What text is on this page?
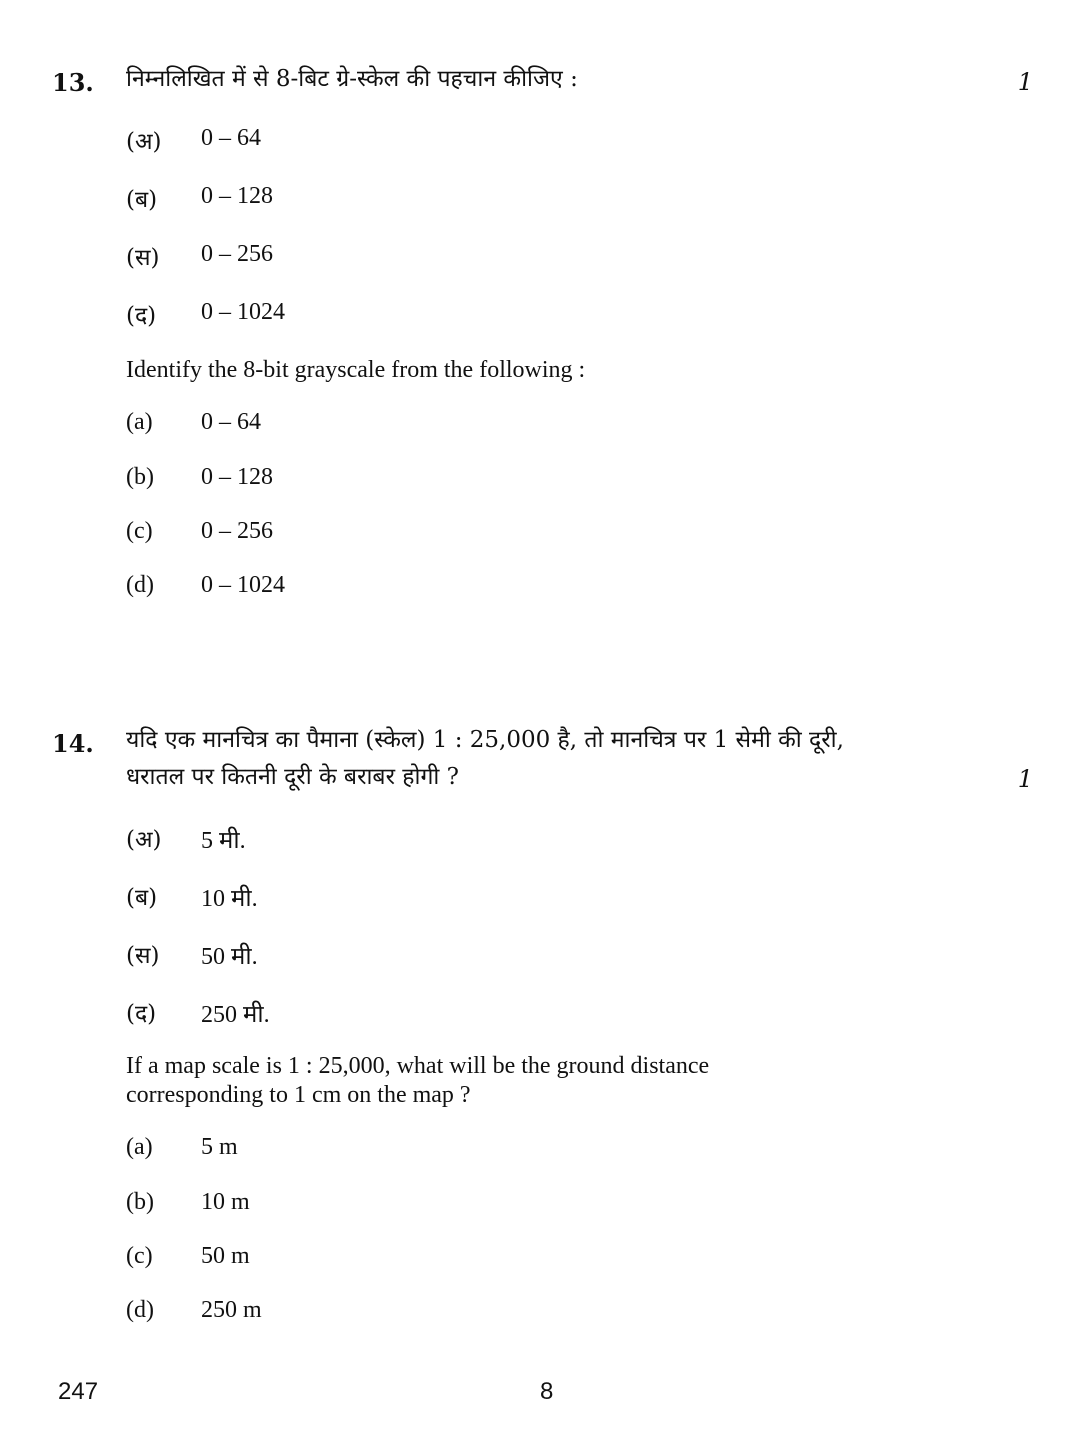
13. निम्नलिखित में से 8-बिट ग्रे-स्केल की पहचान कीजिए :	1
(अ) 0 – 64
(ब) 0 – 128
(स) 0 – 256
(द) 0 – 1024
Identify the 8-bit grayscale from the following :
(a) 0 – 64
(b) 0 – 128
(c) 0 – 256
(d) 0 – 1024
14. यदि एक मानचित्र का पैमाना (स्केल) 1 : 25,000 है, तो मानचित्र पर 1 सेमी की दूरी,
धरातल पर कितनी दूरी के बराबर होगी ?	1
(अ) 5 मी.
(ब) 10 मी.
(स) 50 मी.
(द) 250 मी.
If a map scale is 1 : 25,000, what will be the ground distance
corresponding to 1 cm on the map ?
(a) 5 m
(b) 10 m
(c) 50 m
(d) 250 m
247	8
